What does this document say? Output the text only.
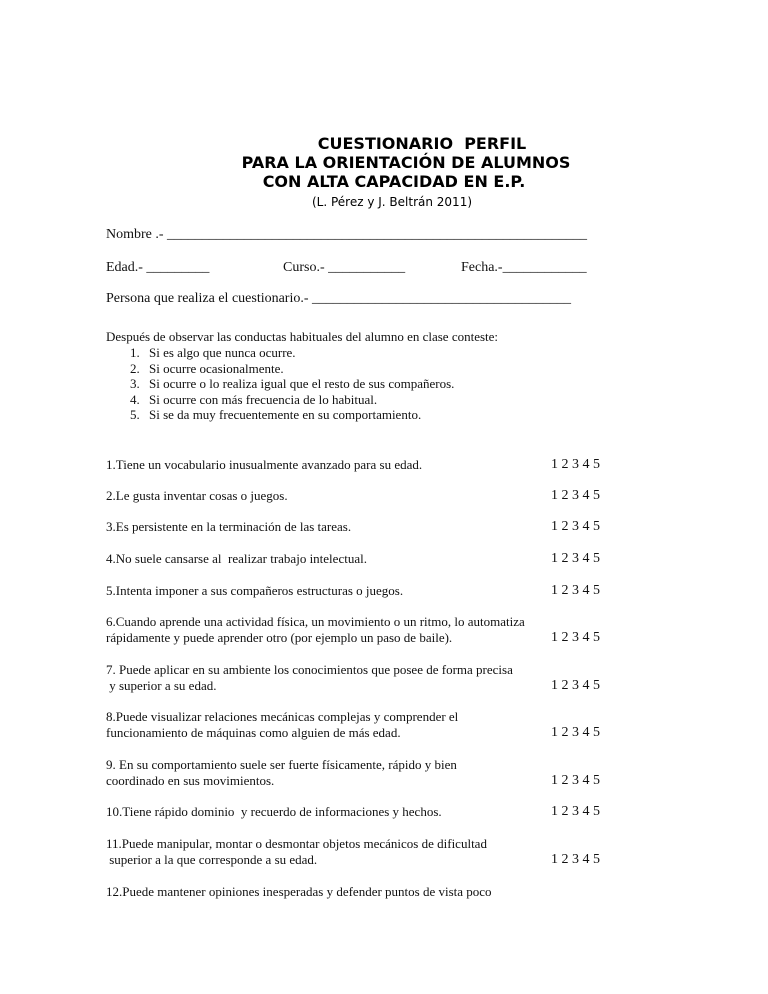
CUESTIONARIO  PERFIL
PARA LA ORIENTACIÓN DE ALUMNOS
CON ALTA CAPACIDAD EN E.P.
(L. Pérez y J. Beltrán 2011)
Nombre .- ____________________________________________________________
Edad.- _________	Curso.- ___________	Fecha.-____________
Persona que realiza el cuestionario.- _____________________________________
Después de observar las conductas habituales del alumno en clase conteste:
1. Si es algo que nunca ocurre.
2. Si ocurre ocasionalmente.
3. Si ocurre o lo realiza igual que el resto de sus compañeros.
4. Si ocurre con más frecuencia de lo habitual.
5. Si se da muy frecuentemente en su comportamiento.
1.Tiene un vocabulario inusualmente avanzado para su edad.	1 2 3 4 5
2.Le gusta inventar cosas o juegos.	1 2 3 4 5
3.Es persistente en la terminación de las tareas.	1 2 3 4 5
4.No suele cansarse al  realizar trabajo intelectual.	1 2 3 4 5
5.Intenta imponer a sus compañeros estructuras o juegos.	1 2 3 4 5
6.Cuando aprende una actividad física, un movimiento o un ritmo, lo automatiza
rápidamente y puede aprender otro (por ejemplo un paso de baile).	1 2 3 4 5
7. Puede aplicar en su ambiente los conocimientos que posee de forma precisa
y superior a su edad.	1 2 3 4 5
8.Puede visualizar relaciones mecánicas complejas y comprender el
funcionamiento de máquinas como alguien de más edad.	1 2 3 4 5
9. En su comportamiento suele ser fuerte físicamente, rápido y bien
coordinado en sus movimientos.	1 2 3 4 5
10.Tiene rápido dominio  y recuerdo de informaciones y hechos.	1 2 3 4 5
11.Puede manipular, montar o desmontar objetos mecánicos de dificultad
superior a la que corresponde a su edad.	1 2 3 4 5
12.Puede mantener opiniones inesperadas y defender puntos de vista poco
